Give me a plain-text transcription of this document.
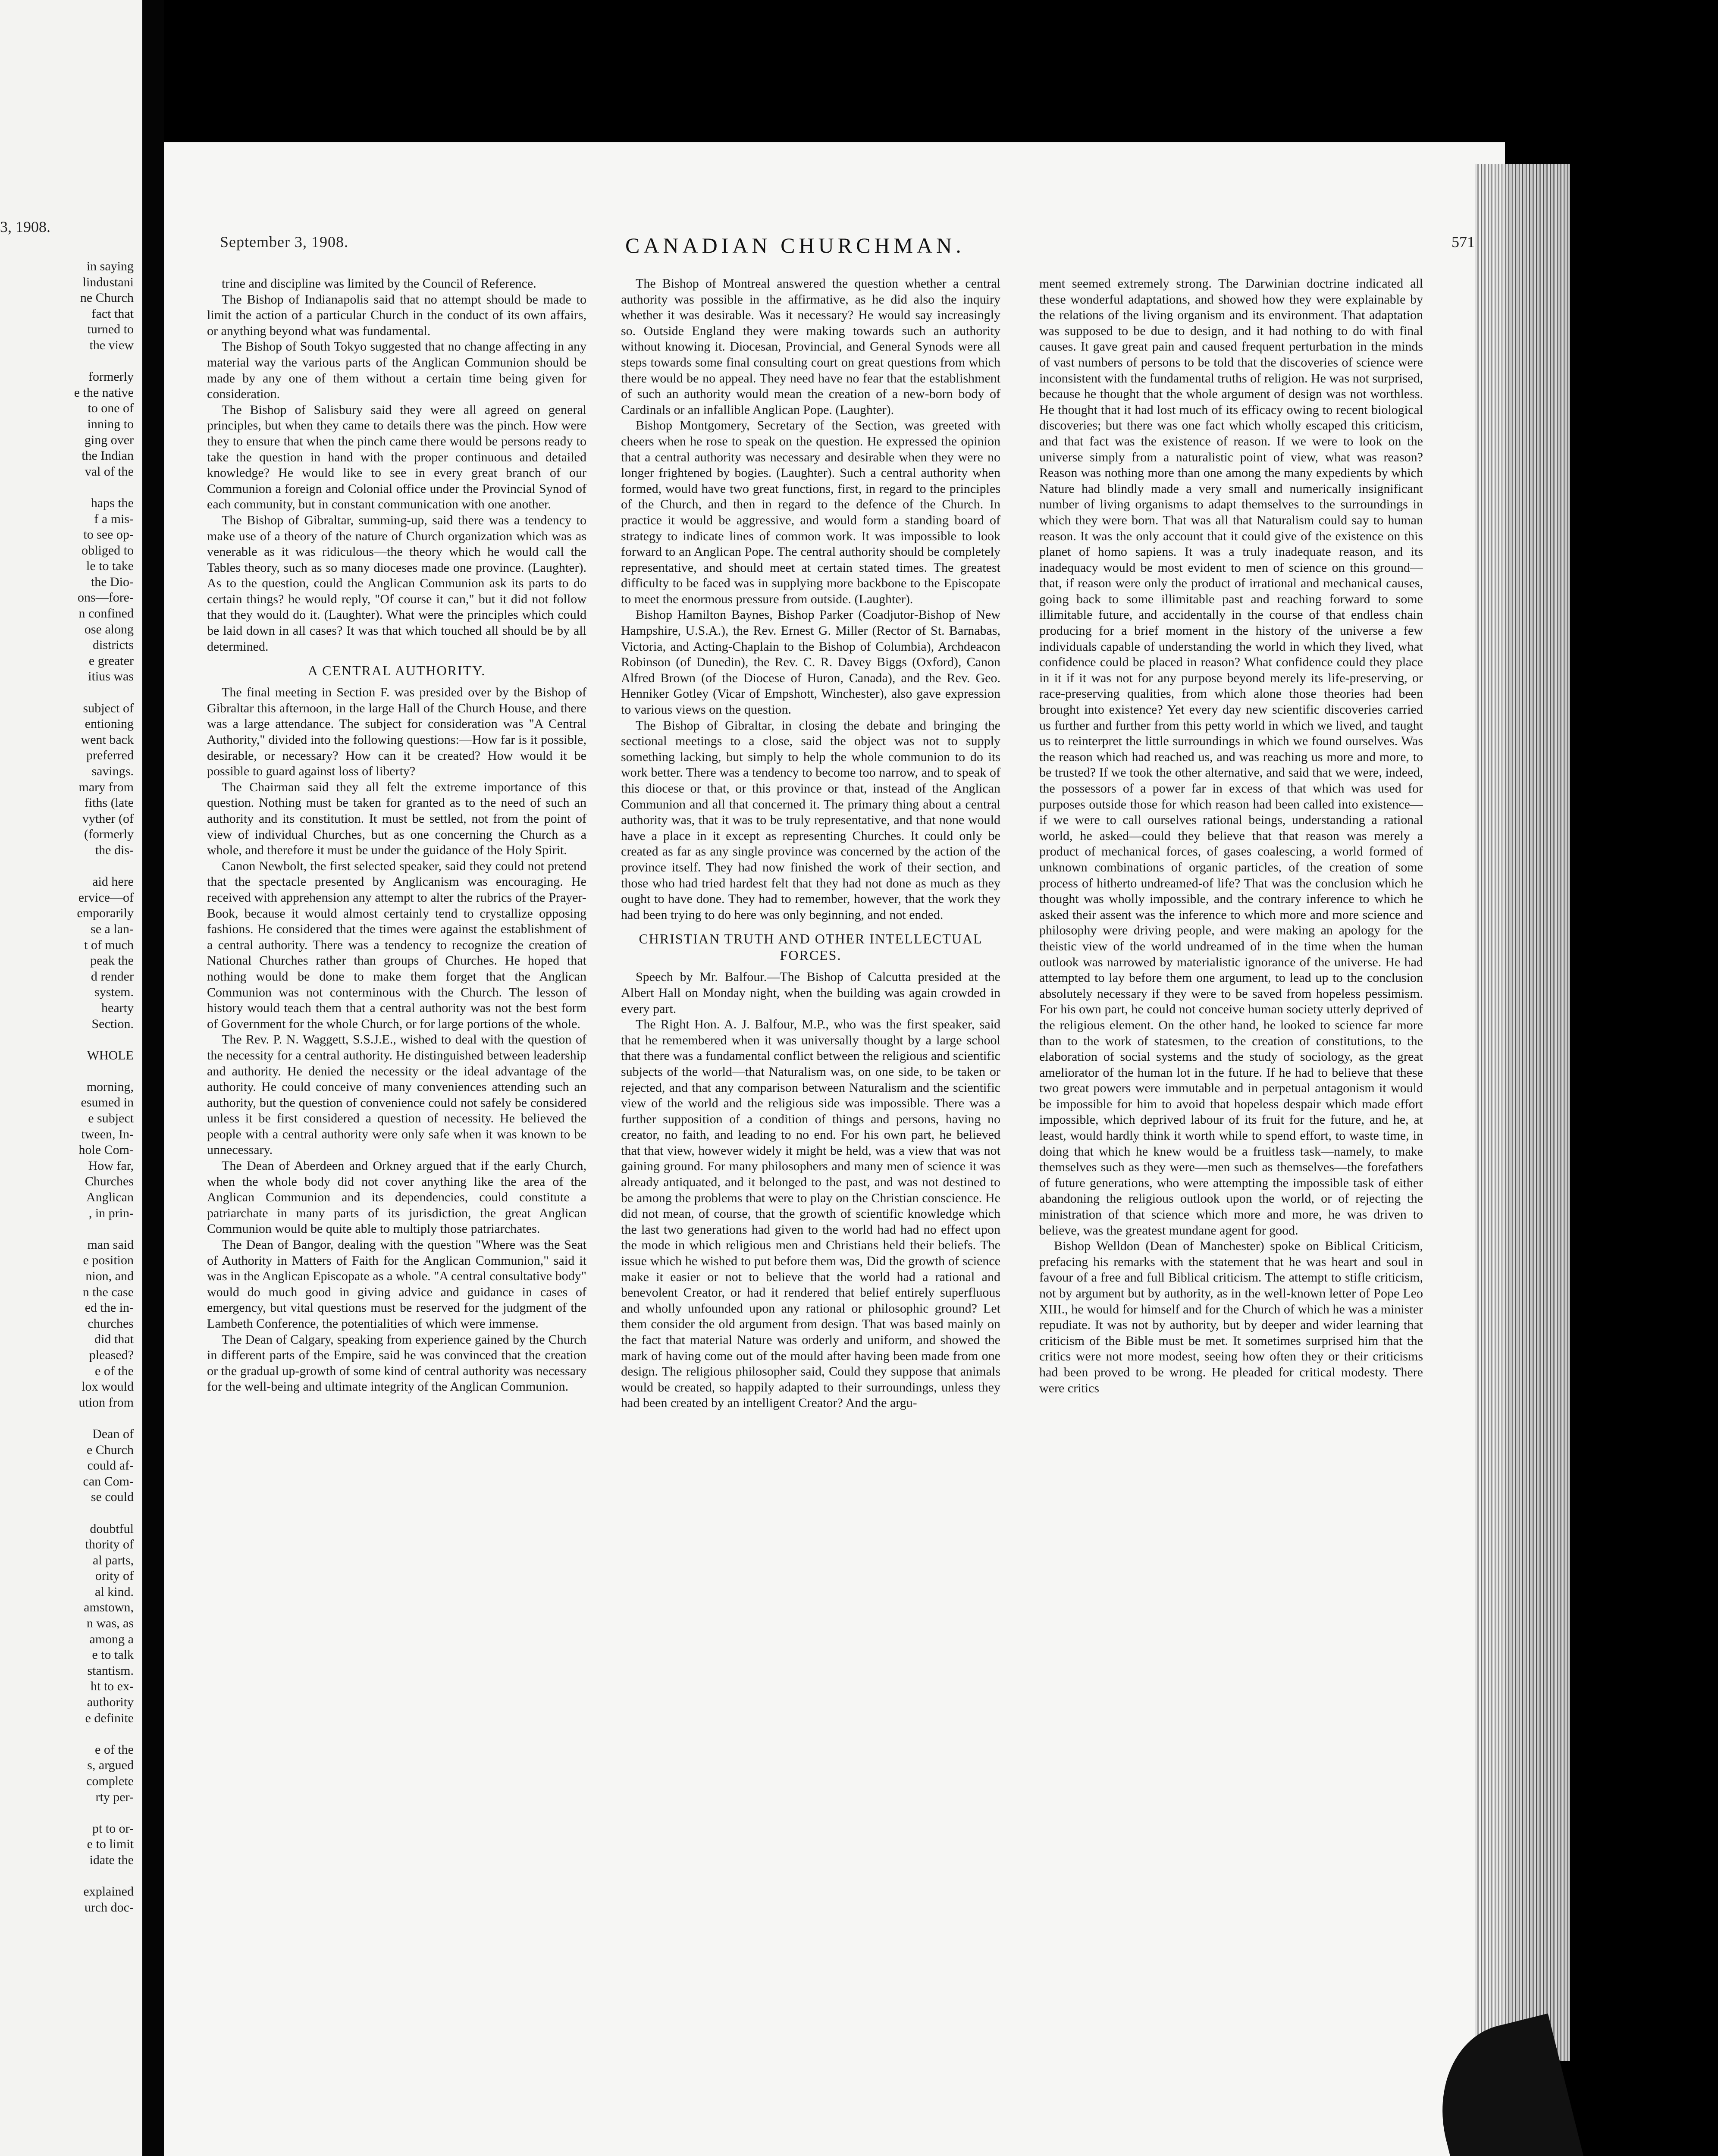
3, 1908.
in saying
lindustani
ne Church
fact that
turned to
the view
formerly
e the native
to one of
inning to
ging over
the Indian
val of the
haps the
f a mis-
to see op-
obliged to
le to take
the Dio-
ons—fore-
n confined
ose along
districts
e greater
itius was
subject of
entioning
went back
preferred
savings.
mary from
fiths (late
vyther (of
(formerly
the dis-
aid here
ervice—of
emporarily
se a lan-
t of much
peak the
d render
system.
hearty
Section.
WHOLE
morning,
esumed in
e subject
tween, In-
hole Com-
How far,
Churches
Anglican
, in prin-
man said
e position
nion, and
n the case
ed the in-
churches
did that
pleased?
e of the
lox would
ution from
Dean of
e Church
could af-
can Com-
se could
doubtful
thority of
al parts,
ority of
al kind.
amstown,
n was, as
among a
e to talk
stantism.
ht to ex-
authority
e definite
e of the
s, argued
complete
rty per-
pt to or-
e to limit
idate the
explained
urch doc-
September 3, 1908.	CANADIAN CHURCHMAN.	571

trine and discipline was limited by the Council of Reference.

The Bishop of Indianapolis said that no attempt should be made to limit the action of a particular Church in the conduct of its own affairs, or anything beyond what was fundamental.

The Bishop of South Tokyo suggested that no change affecting in any material way the various parts of the Anglican Communion should be made by any one of them without a certain time being given for consideration.

The Bishop of Salisbury said they were all agreed on general principles, but when they came to details there was the pinch. How were they to ensure that when the pinch came there would be persons ready to take the question in hand with the proper continuous and detailed knowledge? He would like to see in every great branch of our Communion a foreign and Colonial office under the Provincial Synod of each community, but in constant communication with one another.

The Bishop of Gibraltar, summing-up, said there was a tendency to make use of a theory of the nature of Church organization which was as venerable as it was ridiculous—the theory which he would call the Tables theory, such as so many dioceses made one province. (Laughter). As to the question, could the Anglican Communion ask its parts to do certain things? he would reply, "Of course it can," but it did not follow that they would do it. (Laughter). What were the principles which could be laid down in all cases? It was that which touched all should be by all determined.

A CENTRAL AUTHORITY.

The final meeting in Section F. was presided over by the Bishop of Gibraltar this afternoon, in the large Hall of the Church House, and there was a large attendance. The subject for consideration was "A Central Authority," divided into the following questions:—How far is it possible, desirable, or necessary? How can it be created? How would it be possible to guard against loss of liberty?

The Chairman said they all felt the extreme importance of this question. Nothing must be taken for granted as to the need of such an authority and its constitution. It must be settled, not from the point of view of individual Churches, but as one concerning the Church as a whole, and therefore it must be under the guidance of the Holy Spirit.

Canon Newbolt, the first selected speaker, said they could not pretend that the spectacle presented by Anglicanism was encouraging. He received with apprehension any attempt to alter the rubrics of the Prayer-Book, because it would almost certainly tend to crystallize opposing fashions. He considered that the times were against the establishment of a central authority. There was a tendency to recognize the creation of National Churches rather than groups of Churches. He hoped that nothing would be done to make them forget that the Anglican Communion was not conterminous with the Church. The lesson of history would teach them that a central authority was not the best form of Government for the whole Church, or for large portions of the whole.

The Rev. P. N. Waggett, S.S.J.E., wished to deal with the question of the necessity for a central authority. He distinguished between leadership and authority. He denied the necessity or the ideal advantage of the authority. He could conceive of many conveniences attending such an authority, but the question of convenience could not safely be considered unless it be first considered a question of necessity. He believed the people with a central authority were only safe when it was known to be unnecessary.

The Dean of Aberdeen and Orkney argued that if the early Church, when the whole body did not cover anything like the area of the Anglican Communion and its dependencies, could constitute a patriarchate in many parts of its jurisdiction, the great Anglican Communion would be quite able to multiply those patriarchates.

The Dean of Bangor, dealing with the question "Where was the Seat of Authority in Matters of Faith for the Anglican Communion," said it was in the Anglican Episcopate as a whole. "A central consultative body" would do much good in giving advice and guidance in cases of emergency, but vital questions must be reserved for the judgment of the Lambeth Conference, the potentialities of which were immense.

The Dean of Calgary, speaking from experience gained by the Church in different parts of the Empire, said he was convinced that the creation or the gradual up-growth of some kind of central authority was necessary for the well-being and ultimate integrity of the Anglican Communion.

The Bishop of Montreal answered the question whether a central authority was possible in the affirmative, as he did also the inquiry whether it was desirable. Was it necessary? He would say increasingly so. Outside England they were making towards such an authority without knowing it. Diocesan, Provincial, and General Synods were all steps towards some final consulting court on great questions from which there would be no appeal. They need have no fear that the establishment of such an authority would mean the creation of a new-born body of Cardinals or an infallible Anglican Pope. (Laughter).

Bishop Montgomery, Secretary of the Section, was greeted with cheers when he rose to speak on the question. He expressed the opinion that a central authority was necessary and desirable when they were no longer frightened by bogies. (Laughter). Such a central authority when formed, would have two great functions, first, in regard to the principles of the Church, and then in regard to the defence of the Church. In practice it would be aggressive, and would form a standing board of strategy to indicate lines of common work. It was impossible to look forward to an Anglican Pope. The central authority should be completely representative, and should meet at certain stated times. The greatest difficulty to be faced was in supplying more backbone to the Episcopate to meet the enormous pressure from outside. (Laughter).

Bishop Hamilton Baynes, Bishop Parker (Coadjutor-Bishop of New Hampshire, U.S.A.), the Rev. Ernest G. Miller (Rector of St. Barnabas, Victoria, and Acting-Chaplain to the Bishop of Columbia), Archdeacon Robinson (of Dunedin), the Rev. C. R. Davey Biggs (Oxford), Canon Alfred Brown (of the Diocese of Huron, Canada), and the Rev. Geo. Henniker Gotley (Vicar of Empshott, Winchester), also gave expression to various views on the question.

The Bishop of Gibraltar, in closing the debate and bringing the sectional meetings to a close, said the object was not to supply something lacking, but simply to help the whole communion to do its work better. There was a tendency to become too narrow, and to speak of this diocese or that, or this province or that, instead of the Anglican Communion and all that concerned it. The primary thing about a central authority was, that it was to be truly representative, and that none would have a place in it except as representing Churches. It could only be created as far as any single province was concerned by the action of the province itself. They had now finished the work of their section, and those who had tried hardest felt that they had not done as much as they ought to have done. They had to remember, however, that the work they had been trying to do here was only beginning, and not ended.

CHRISTIAN TRUTH AND OTHER INTELLECTUAL FORCES.

Speech by Mr. Balfour.—The Bishop of Calcutta presided at the Albert Hall on Monday night, when the building was again crowded in every part.

The Right Hon. A. J. Balfour, M.P., who was the first speaker, said that he remembered when it was universally thought by a large school that there was a fundamental conflict between the religious and scientific subjects of the world—that Naturalism was, on one side, to be taken or rejected, and that any comparison between Naturalism and the scientific view of the world and the religious side was impossible. There was a further supposition of a condition of things and persons, having no creator, no faith, and leading to no end. For his own part, he believed that that view, however widely it might be held, was a view that was not gaining ground. For many philosophers and many men of science it was already antiquated, and it belonged to the past, and was not destined to be among the problems that were to play on the Christian conscience. He did not mean, of course, that the growth of scientific knowledge which the last two generations had given to the world had had no effect upon the mode in which religious men and Christians held their beliefs. The issue which he wished to put before them was, Did the growth of science make it easier or not to believe that the world had a rational and benevolent Creator, or had it rendered that belief entirely superfluous and wholly unfounded upon any rational or philosophic ground? Let them consider the old argument from design. That was based mainly on the fact that material Nature was orderly and uniform, and showed the mark of having come out of the mould after having been made from one design. The religious philosopher said, Could they suppose that animals would be created, so happily adapted to their surroundings, unless they had been created by an intelligent Creator? And the argu-

ment seemed extremely strong. The Darwinian doctrine indicated all these wonderful adaptations, and showed how they were explainable by the relations of the living organism and its environment. That adaptation was supposed to be due to design, and it had nothing to do with final causes. It gave great pain and caused frequent perturbation in the minds of vast numbers of persons to be told that the discoveries of science were inconsistent with the fundamental truths of religion. He was not surprised, because he thought that the whole argument of design was not worthless. He thought that it had lost much of its efficacy owing to recent biological discoveries; but there was one fact which wholly escaped this criticism, and that fact was the existence of reason. If we were to look on the universe simply from a naturalistic point of view, what was reason? Reason was nothing more than one among the many expedients by which Nature had blindly made a very small and numerically insignificant number of living organisms to adapt themselves to the surroundings in which they were born. That was all that Naturalism could say to human reason. It was the only account that it could give of the existence on this planet of homo sapiens. It was a truly inadequate reason, and its inadequacy would be most evident to men of science on this ground—that, if reason were only the product of irrational and mechanical causes, going back to some illimitable past and reaching forward to some illimitable future, and accidentally in the course of that endless chain producing for a brief moment in the history of the universe a few individuals capable of understanding the world in which they lived, what confidence could be placed in reason? What confidence could they place in it if it was not for any purpose beyond merely its life-preserving, or race-preserving qualities, from which alone those theories had been brought into existence? Yet every day new scientific discoveries carried us further and further from this petty world in which we lived, and taught us to reinterpret the little surroundings in which we found ourselves. Was the reason which had reached us, and was reaching us more and more, to be trusted? If we took the other alternative, and said that we were, indeed, the possessors of a power far in excess of that which was used for purposes outside those for which reason had been called into existence—if we were to call ourselves rational beings, understanding a rational world, he asked—could they believe that that reason was merely a product of mechanical forces, of gases coalescing, a world formed of unknown combinations of organic particles, of the creation of some process of hitherto undreamed-of life? That was the conclusion which he thought was wholly impossible, and the contrary inference to which he asked their assent was the inference to which more and more science and philosophy were driving people, and were making an apology for the theistic view of the world undreamed of in the time when the human outlook was narrowed by materialistic ignorance of the universe. He had attempted to lay before them one argument, to lead up to the conclusion absolutely necessary if they were to be saved from hopeless pessimism. For his own part, he could not conceive human society utterly deprived of the religious element. On the other hand, he looked to science far more than to the work of statesmen, to the creation of constitutions, to the elaboration of social systems and the study of sociology, as the great ameliorator of the human lot in the future. If he had to believe that these two great powers were immutable and in perpetual antagonism it would be impossible for him to avoid that hopeless despair which made effort impossible, which deprived labour of its fruit for the future, and he, at least, would hardly think it worth while to spend effort, to waste time, in doing that which he knew would be a fruitless task—namely, to make themselves such as they were—men such as themselves—the forefathers of future generations, who were attempting the impossible task of either abandoning the religious outlook upon the world, or of rejecting the ministration of that science which more and more, he was driven to believe, was the greatest mundane agent for good.

Bishop Welldon (Dean of Manchester) spoke on Biblical Criticism, prefacing his remarks with the statement that he was heart and soul in favour of a free and full Biblical criticism. The attempt to stifle criticism, not by argument but by authority, as in the well-known letter of Pope Leo XIII., he would for himself and for the Church of which he was a minister repudiate. It was not by authority, but by deeper and wider learning that criticism of the Bible must be met. It sometimes surprised him that the critics were not more modest, seeing how often they or their criticisms had been proved to be wrong. He pleaded for critical modesty. There were critics
